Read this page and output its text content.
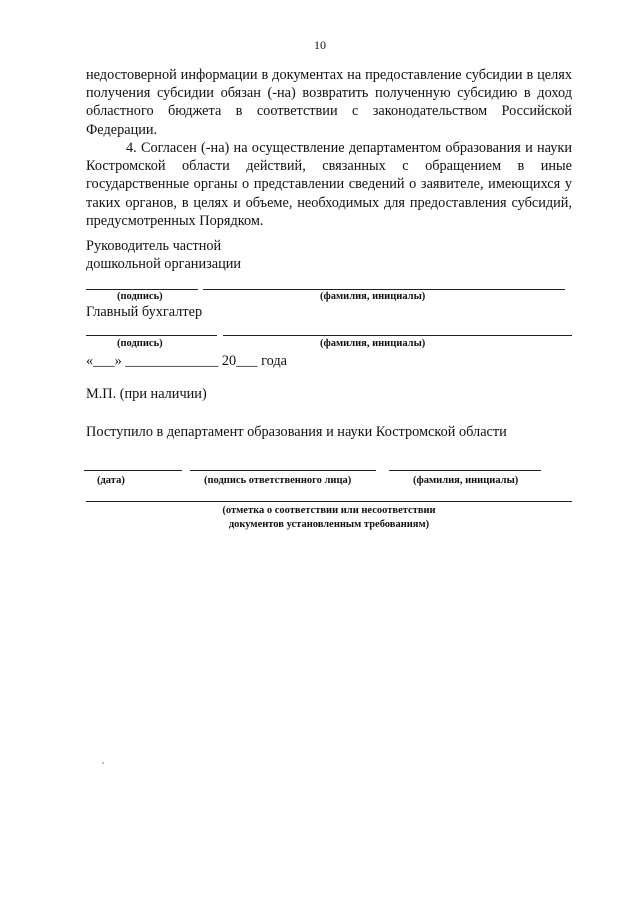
10

недостоверной информации в документах на предоставление субсидии в целях получения субсидии обязан (-на) возвратить полученную субсидию в доход областного бюджета в соответствии с законодательством Российской Федерации.

4. Согласен (-на) на осуществление департаментом образования и науки Костромской области действий, связанных с обращением в иные государственные органы о представлении сведений о заявителе, имеющихся у таких органов, в целях и объеме, необходимых для предоставления субсидий, предусмотренных Порядком.

Руководитель частной
дошкольной организации
(подпись)	(фамилия, инициалы)
Главный бухгалтер
(подпись)	(фамилия, инициалы)
«___» _____________ 20___ года
М.П. (при наличии)
Поступило в департамент образования и науки Костромской области
(дата)	(подпись ответственного лица)	(фамилия, инициалы)
(отметка о соответствии или несоответствии
документов установленным требованиям)
